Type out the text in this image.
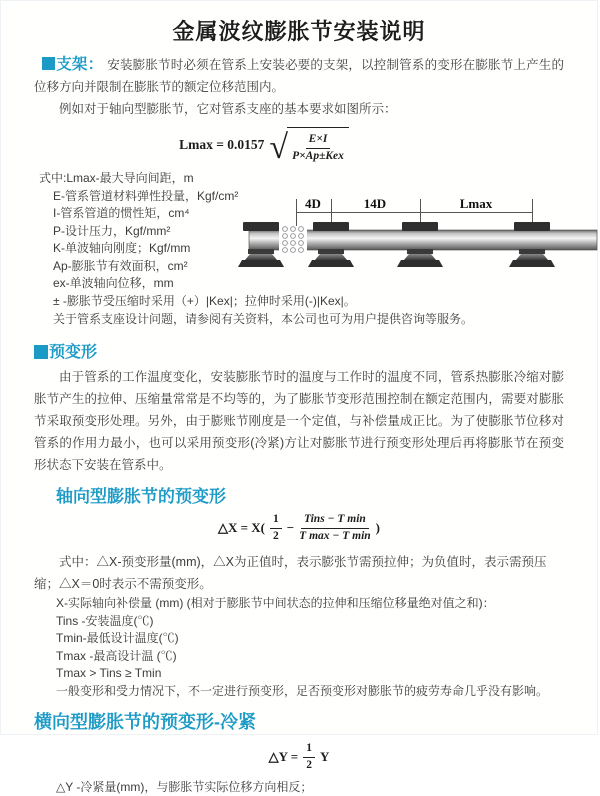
金属波纹膨胀节安装说明

支架： 安装膨胀节时必须在管系上安装必要的支架，以控制管系的变形在膨胀节上产生的位移方向并限制在膨胀节的额定位移范围内。

例如对于轴向型膨胀节，它对管系支座的基本要求如图所示：

Lmax = 0.0157 √ $\frac{E\times I}{\text{P×Ap±Kex}}$
式中:Lmax-最大导向间距，m
E-管系管道材料弹性投量，Kgf/cm²
I-管系管道的惯性矩，cm⁴
P-设计压力，Kgf/mm²
K-单波轴向刚度；Kgf/mm
Ap-膨胀节有效面积，cm²
ex-单波轴向位移，mm
± -膨胀节受压缩时采用（+）|Kex|；拉伸时采用(-)|Kex|。

关于管系支座设计问题，请参阅有关资料，本公司也可为用户提供咨询等服务。

4D	14D	Lmax
预变形

由于管系的工作温度变化，安装膨胀节时的温度与工作时的温度不同，管系热膨胀冷缩对膨胀节产生的拉伸、压缩量常常是不均等的，为了膨胀节变形范围控制在额定范围内，需要对膨胀节采取预变形处理。另外，由于膨账节刚度是一个定值，与补偿量成正比。为了使膨胀节位移对管系的作用力最小，也可以采用预变形(冷紧)方让对膨胀节进行预变形处理后再将膨胀节在预变形状态下安装在管系中。

轴向型膨胀节的预变形
△X = $X( \frac{1}{2} - \frac{\text{Tins − T min}}{\text{T max − T min}}$ )

式中：△X-预变形量(mm)，△X为正值时，表示膨张节需预拉伸；为负值时，表示需预压缩；△X＝0时表示不需预变形。

X-实际轴向补偿量 (mm) (相对于膨胀节中间状态的拉伸和压缩位移量绝对值之和)：
Tins -安装温度(℃)
Tmin-最低设计温度(℃)
Tmax -最高设计温 (℃)
Tmax > Tins ≥ Tmin
一般变形和受力情况下，不一定进行预变形，足否预变形对膨胀节的疲劳寿命几乎没有影响。
横向型膨胀节的预变形-冷紧
△Y = $\frac{1}{2}$ Y

△Y -冷紧量(mm)，与膨胀节实际位移方向相反；
